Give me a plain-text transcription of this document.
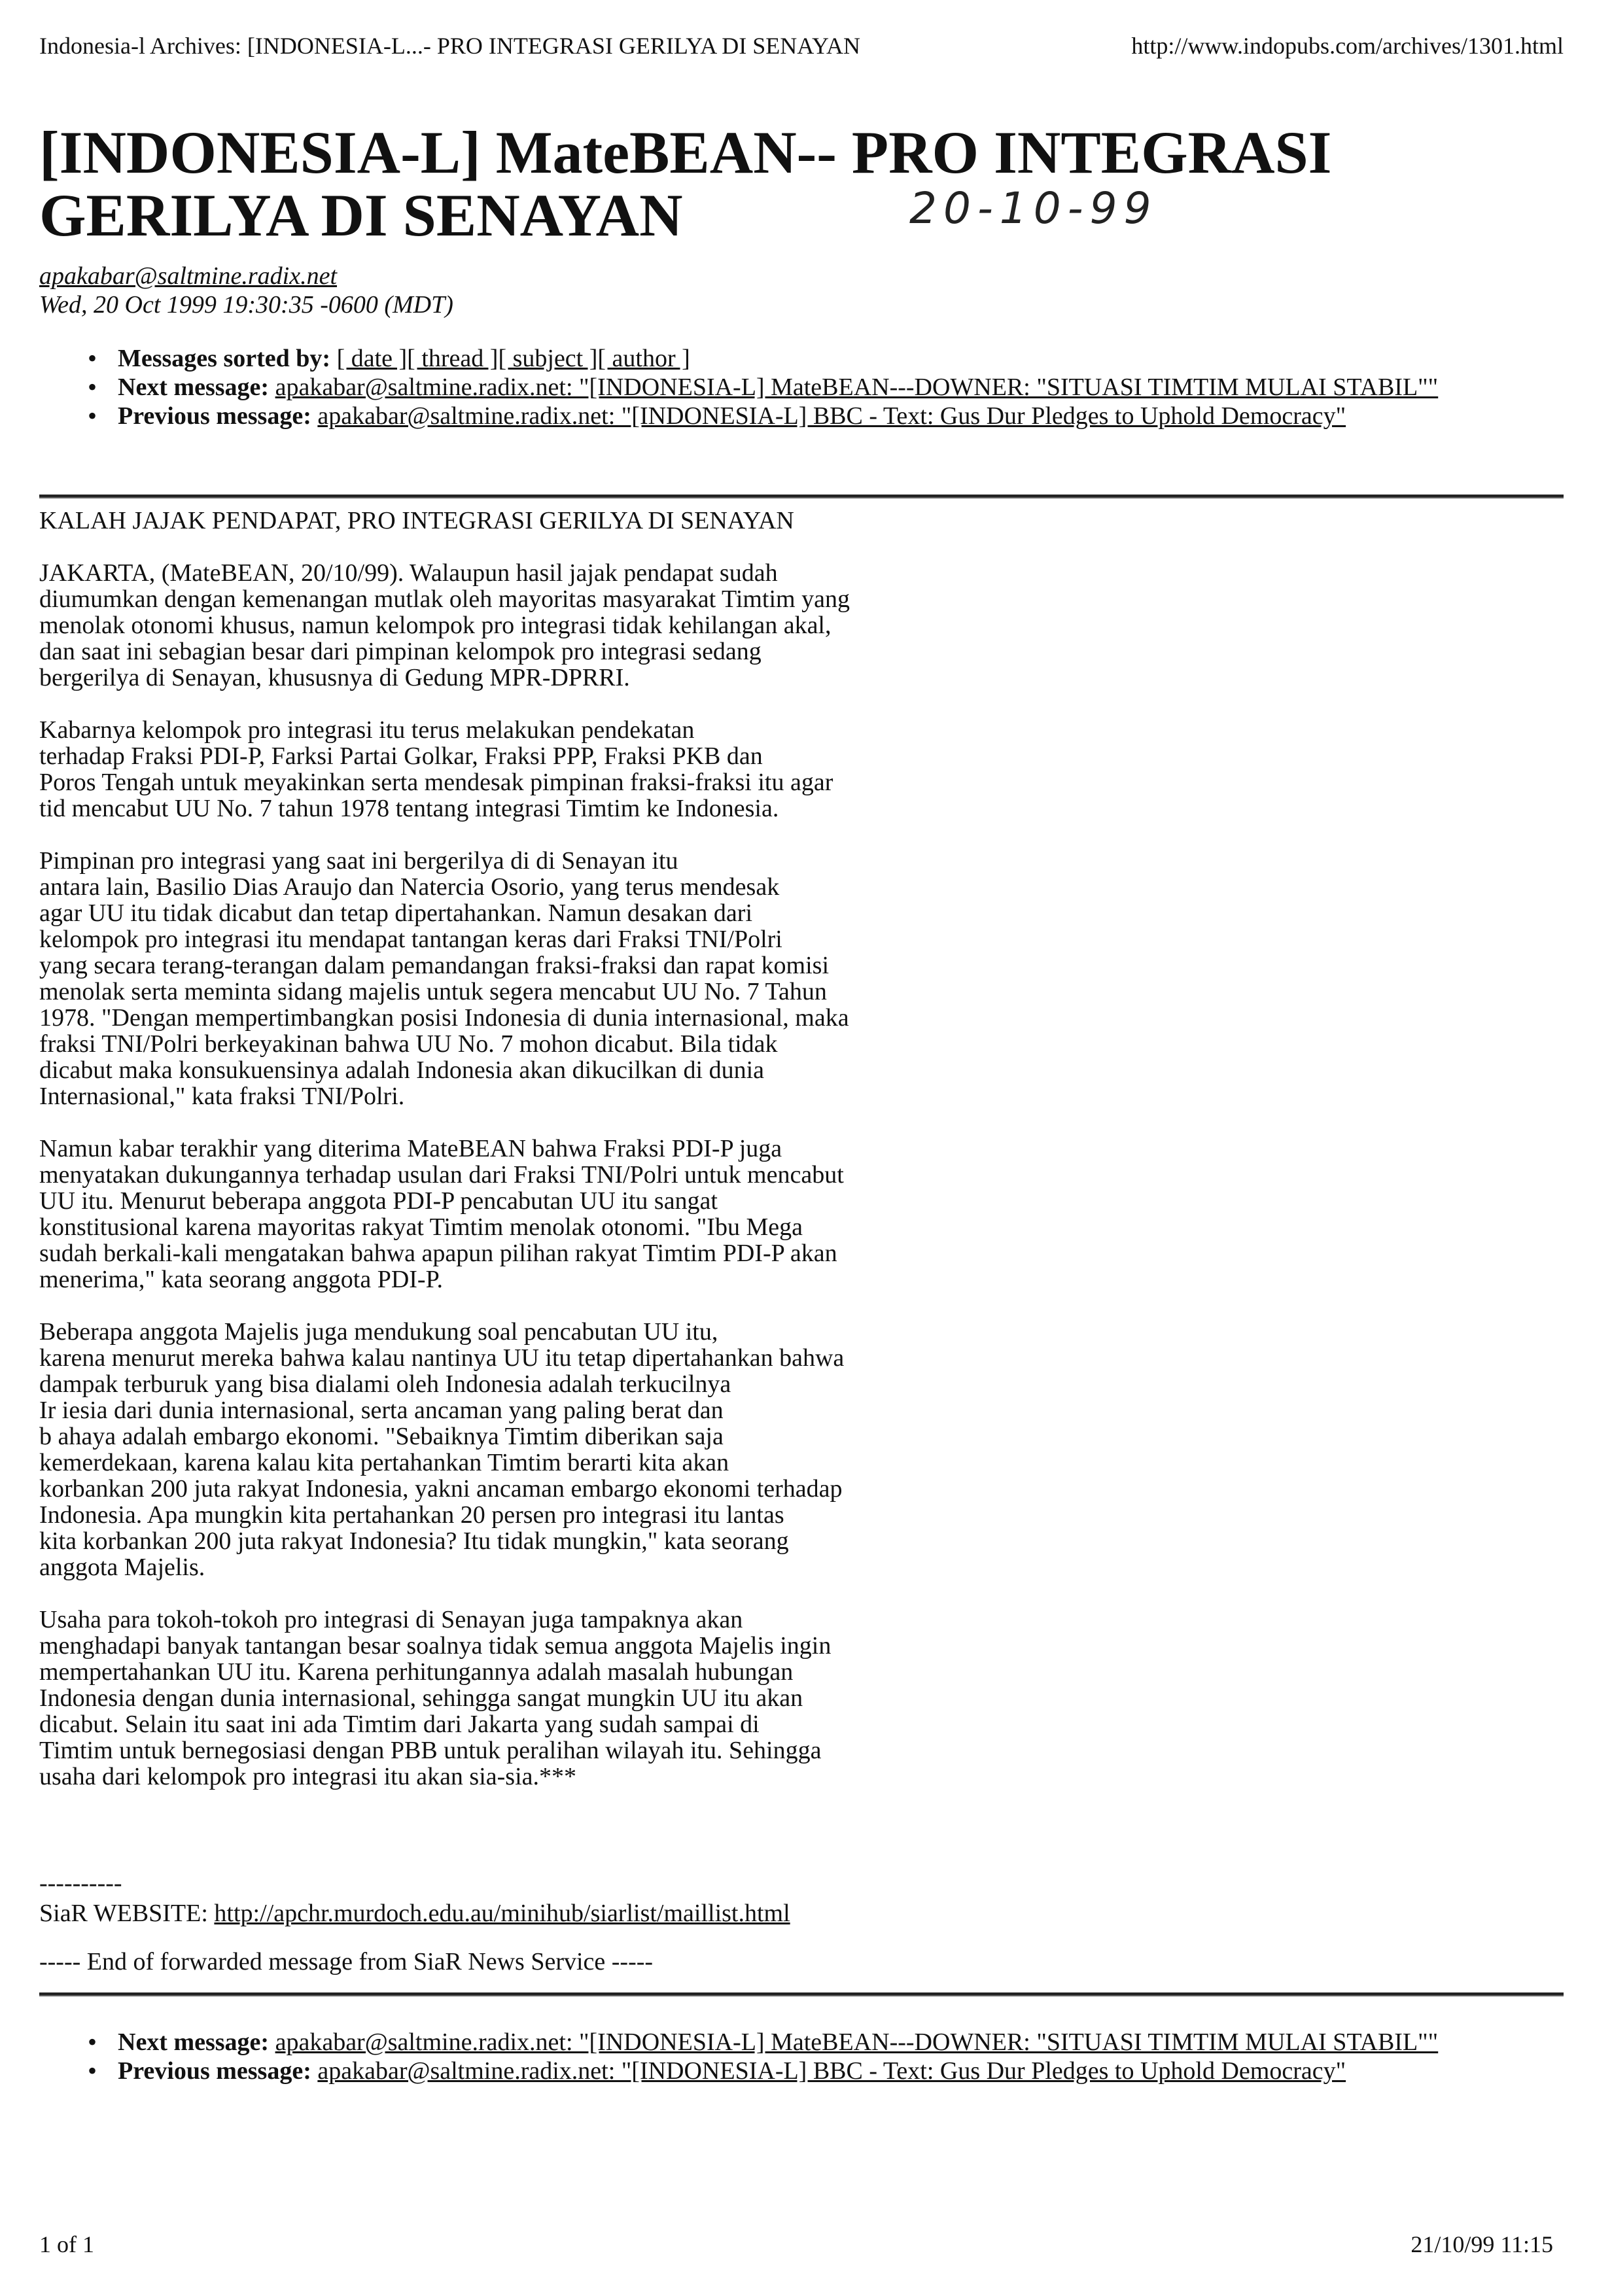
Indonesia-l Archives: [INDONESIA-L...- PRO INTEGRASI GERILYA DI SENAYAN	http://www.indopubs.com/archives/1301.html
[INDONESIA-L] MateBEAN-- PRO INTEGRASI GERILYA DI SENAYAN	20-10-99
apakabar@saltmine.radix.net
Wed, 20 Oct 1999 19:30:35 -0600 (MDT)
• Messages sorted by: [ date ][ thread ][ subject ][ author ]
• Next message: apakabar@saltmine.radix.net: "[INDONESIA-L] MateBEAN---DOWNER: "SITUASI TIMTIM MULAI STABIL""
• Previous message: apakabar@saltmine.radix.net: "[INDONESIA-L] BBC - Text: Gus Dur Pledges to Uphold Democracy"

KALAH JAJAK PENDAPAT, PRO INTEGRASI GERILYA DI SENAYAN

JAKARTA, (MateBEAN, 20/10/99). Walaupun hasil jajak pendapat sudah
diumumkan dengan kemenangan mutlak oleh mayoritas masyarakat Timtim yang
menolak otonomi khusus, namun kelompok pro integrasi tidak kehilangan akal,
dan saat ini sebagian besar dari pimpinan kelompok pro integrasi sedang
bergerilya di Senayan, khususnya di Gedung MPR-DPRRI.

Kabarnya kelompok pro integrasi itu terus melakukan pendekatan
terhadap Fraksi PDI-P, Farksi Partai Golkar, Fraksi PPP, Fraksi PKB dan
Poros Tengah untuk meyakinkan serta mendesak pimpinan fraksi-fraksi itu agar
tid mencabut UU No. 7 tahun 1978 tentang integrasi Timtim ke Indonesia.

Pimpinan pro integrasi yang saat ini bergerilya di di Senayan itu
antara lain, Basilio Dias Araujo dan Natercia Osorio, yang terus mendesak
agar UU itu tidak dicabut dan tetap dipertahankan. Namun desakan dari
kelompok pro integrasi itu mendapat tantangan keras dari Fraksi TNI/Polri
yang secara terang-terangan dalam pemandangan fraksi-fraksi dan rapat komisi
menolak serta meminta sidang majelis untuk segera mencabut UU No. 7 Tahun
1978. "Dengan mempertimbangkan posisi Indonesia di dunia internasional, maka
fraksi TNI/Polri berkeyakinan bahwa UU No. 7 mohon dicabut. Bila tidak
dicabut maka konsukuensinya adalah Indonesia akan dikucilkan di dunia
Internasional," kata fraksi TNI/Polri.

Namun kabar terakhir yang diterima MateBEAN bahwa Fraksi PDI-P juga
menyatakan dukungannya terhadap usulan dari Fraksi TNI/Polri untuk mencabut
UU itu. Menurut beberapa anggota PDI-P pencabutan UU itu sangat
konstitusional karena mayoritas rakyat Timtim menolak otonomi. "Ibu Mega
sudah berkali-kali mengatakan bahwa apapun pilihan rakyat Timtim PDI-P akan
menerima," kata seorang anggota PDI-P.

Beberapa anggota Majelis juga mendukung soal pencabutan UU itu,
karena menurut mereka bahwa kalau nantinya UU itu tetap dipertahankan bahwa
dampak terburuk yang bisa dialami oleh Indonesia adalah terkucilnya
Ir iesia dari dunia internasional, serta ancaman yang paling berat dan
b ahaya adalah embargo ekonomi. "Sebaiknya Timtim diberikan saja
kemerdekaan, karena kalau kita pertahankan Timtim berarti kita akan
korbankan 200 juta rakyat Indonesia, yakni ancaman embargo ekonomi terhadap
Indonesia. Apa mungkin kita pertahankan 20 persen pro integrasi itu lantas
kita korbankan 200 juta rakyat Indonesia? Itu tidak mungkin," kata seorang
anggota Majelis.

Usaha para tokoh-tokoh pro integrasi di Senayan juga tampaknya akan
menghadapi banyak tantangan besar soalnya tidak semua anggota Majelis ingin
mempertahankan UU itu. Karena perhitungannya adalah masalah hubungan
Indonesia dengan dunia internasional, sehingga sangat mungkin UU itu akan
dicabut. Selain itu saat ini ada Timtim dari Jakarta yang sudah sampai di
Timtim untuk bernegosiasi dengan PBB untuk peralihan wilayah itu. Sehingga
usaha dari kelompok pro integrasi itu akan sia-sia.***

----------
SiaR WEBSITE: http://apchr.murdoch.edu.au/minihub/siarlist/maillist.html
----- End of forwarded message from SiaR News Service -----
• Next message: apakabar@saltmine.radix.net: "[INDONESIA-L] MateBEAN---DOWNER: "SITUASI TIMTIM MULAI STABIL""
• Previous message: apakabar@saltmine.radix.net: "[INDONESIA-L] BBC - Text: Gus Dur Pledges to Uphold Democracy"
1 of 1	21/10/99 11:15
